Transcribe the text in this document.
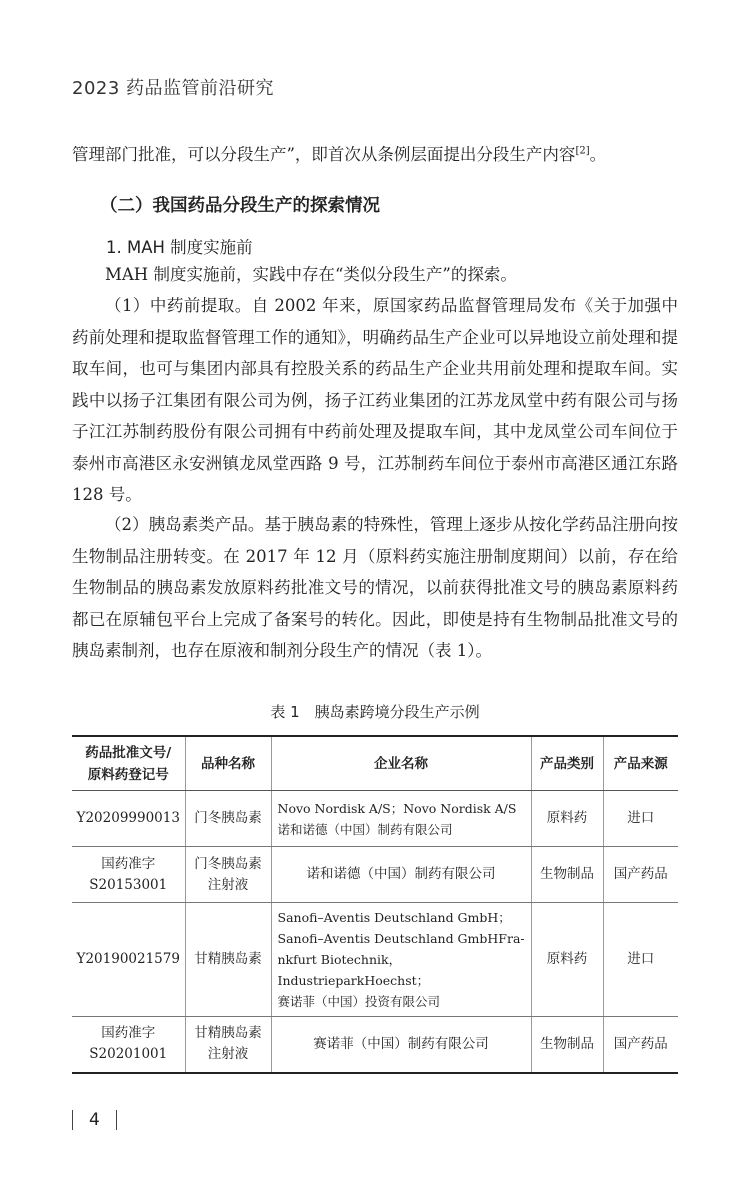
2023 药品监管前沿研究

管理部门批准，可以分段生产”，即首次从条例层面提出分段生产内容[2]。

（二）我国药品分段生产的探索情况
1. MAH 制度实施前

MAH 制度实施前，实践中存在“类似分段生产”的探索。

（1）中药前提取。自 2002 年来，原国家药品监督管理局发布《关于加强中药前处理和提取监督管理工作的通知》，明确药品生产企业可以异地设立前处理和提取车间，也可与集团内部具有控股关系的药品生产企业共用前处理和提取车间。实践中以扬子江集团有限公司为例，扬子江药业集团的江苏龙凤堂中药有限公司与扬子江江苏制药股份有限公司拥有中药前处理及提取车间，其中龙凤堂公司车间位于泰州市高港区永安洲镇龙凤堂西路 9 号，江苏制药车间位于泰州市高港区通江东路 128 号。

（2）胰岛素类产品。基于胰岛素的特殊性，管理上逐步从按化学药品注册向按生物制品注册转变。在 2017 年 12 月（原料药实施注册制度期间）以前，存在给生物制品的胰岛素发放原料药批准文号的情况，以前获得批准文号的胰岛素原料药都已在原辅包平台上完成了备案号的转化。因此，即使是持有生物制品批准文号的胰岛素制剂，也存在原液和制剂分段生产的情况（表 1）。

表 1　胰岛素跨境分段生产示例
药品批准文号/
原料药登记号	品种名称	企业名称	产品类别	产品来源
Y20209990013	门冬胰岛素	Novo Nordisk A/S；Novo Nordisk A/S
诺和诺德（中国）制药有限公司	原料药	进口
国药准字
S20153001	门冬胰岛素
注射液	诺和诺德（中国）制药有限公司	生物制品	国产药品
Y20190021579	甘精胰岛素	Sanofi–Aventis Deutschland GmbH；
Sanofi–Aventis Deutschland GmbHFra-
nkfurt Biotechnik，IndustrieparkHoechst；
赛诺菲（中国）投资有限公司	原料药	进口
国药准字
S20201001	甘精胰岛素
注射液	赛诺菲（中国）制药有限公司	生物制品	国产药品
4
